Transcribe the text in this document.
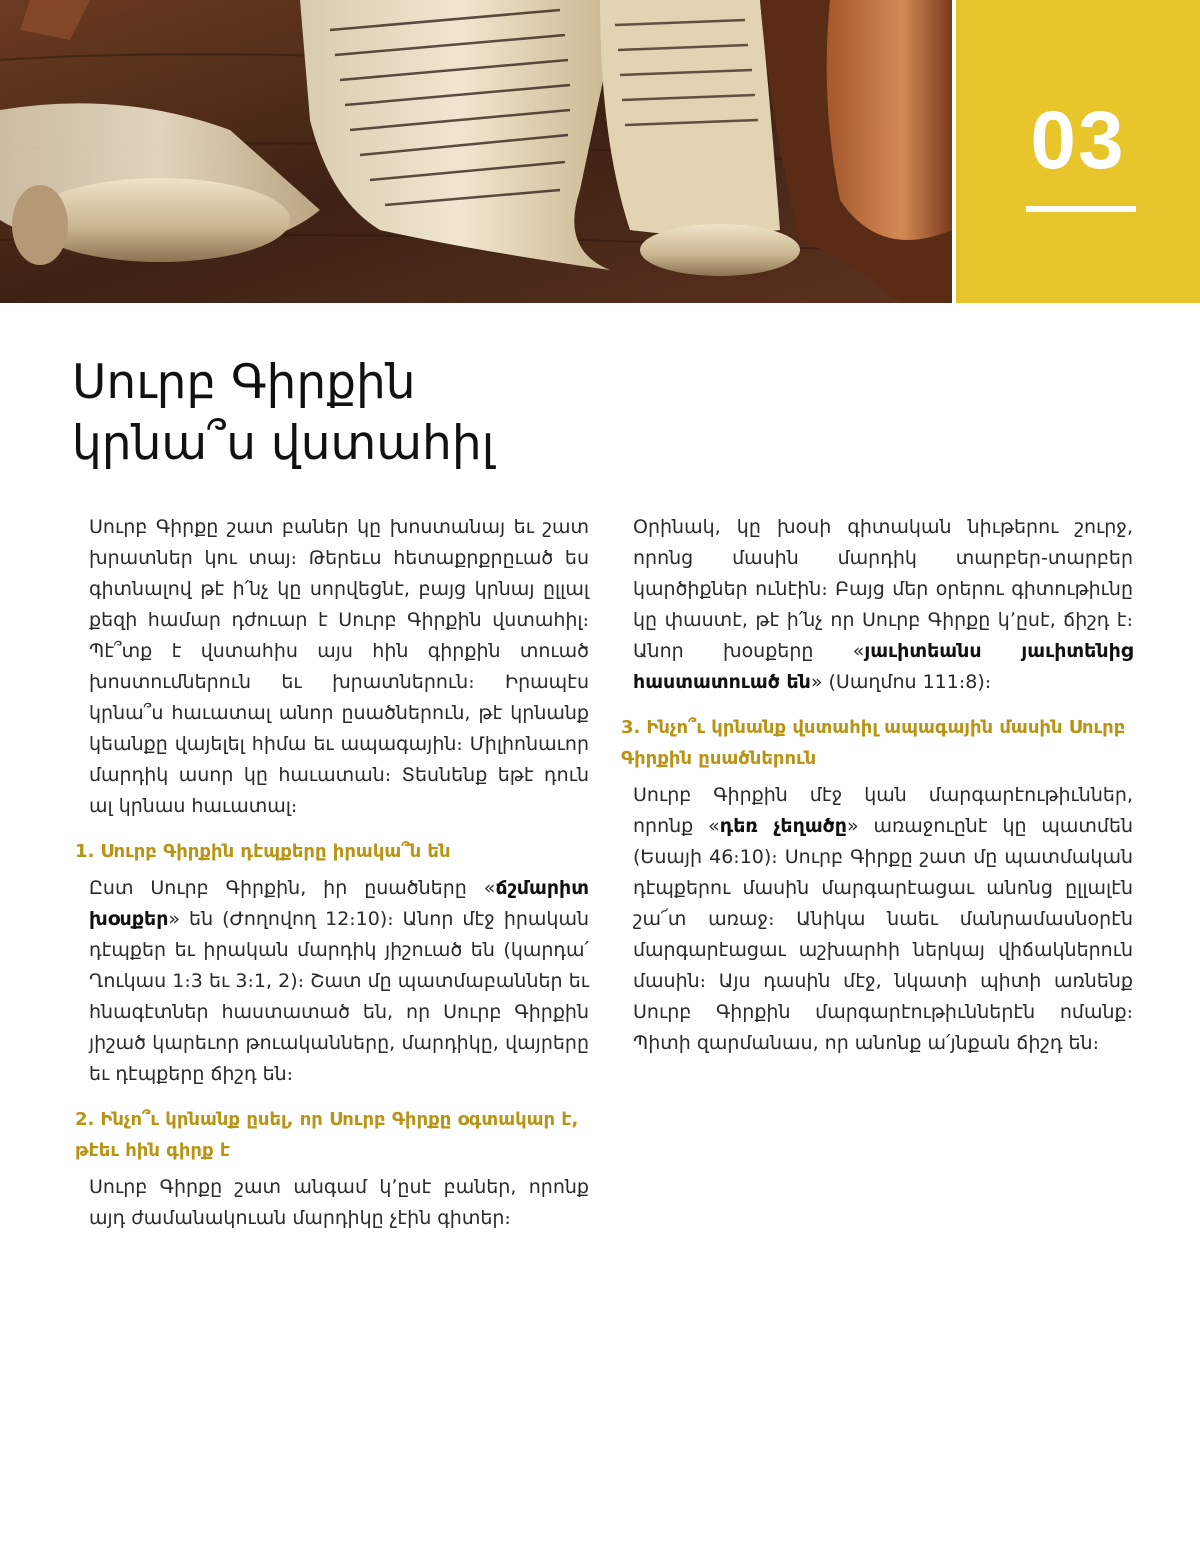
03
Սուրբ Գիրքին
կրնա՞ս վստահիլ

Սուրբ Գիրքը շատ բաներ կը խոստանայ եւ շատ խրատներ կու տայ։ Թերեւս հետաքրքրըւած ես գիտնալով թէ ի՛նչ կը սորվեցնէ, բայց կրնայ ըլլալ քեզի համար դժուար է Սուրբ Գիրքին վստահիլ։ Պէ՞տք է վստահիս այս հին գիրքին տուած խոստումներուն եւ խրատներուն։ Իրապէս կրնա՞ս հաւատալ անոր ըսածներուն, թէ կրնանք կեանքը վայելել հիմա եւ ապագային։ Միլիոնաւոր մարդիկ ասոր կը հաւատան։ Տեսնենք եթէ դուն ալ կրնաս հաւատալ։

1. Սուրբ Գիրքին դէպքերը իրակա՞ն են

Ըստ Սուրբ Գիրքին, իր ըսածները «ճշմարիտ խօսքեր» են (Ժողովող 12։10)։ Անոր մէջ իրական դէպքեր եւ իրական մարդիկ յիշուած են (կարդա՛ Ղուկաս 1։3 եւ 3։1, 2)։ Շատ մը պատմաբաններ եւ հնագէտներ հաստատած են, որ Սուրբ Գիրքին յիշած կարեւոր թուականները, մարդիկը, վայրերը եւ դէպքերը ճիշդ են։

2. Ինչո՞ւ կրնանք ըսել, որ Սուրբ Գիրքը օգտակար է, թէեւ հին գիրք է

Սուրբ Գիրքը շատ անգամ կ՚ըսէ բաներ, որոնք այդ ժամանակուան մարդիկը չէին գիտեր։

Օրինակ, կը խօսի գիտական նիւթերու շուրջ, որոնց մասին մարդիկ տարբեր-տարբեր կարծիքներ ունէին։ Բայց մեր օրերու գիտութիւնը կը փաստէ, թէ ի՛նչ որ Սուրբ Գիրքը կ՚ըսէ, ճիշդ է։ Անոր խօսքերը «յաւիտեանս յաւիտենից հաստատուած են» (Սաղմոս 111։8)։

3. Ինչո՞ւ կրնանք վստահիլ ապագային մասին Սուրբ Գիրքին ըսածներուն

Սուրբ Գիրքին մէջ կան մարգարէութիւններ, որոնք «դեռ չեղածը» առաջուընէ կը պատմեն (Եսայի 46։10)։ Սուրբ Գիրքը շատ մը պատմական դէպքերու մասին մարգարէացաւ անոնց ըլլալէն շա՜տ առաջ։ Անիկա նաեւ մանրամասնօրէն մարգարէացաւ աշխարհի ներկայ վիճակներուն մասին։ Այս դասին մէջ, նկատի պիտի առնենք Սուրբ Գիրքին մարգարէութիւններէն ոմանք։ Պիտի զարմանաս, որ անոնք ա՛յնքան ճիշդ են։
